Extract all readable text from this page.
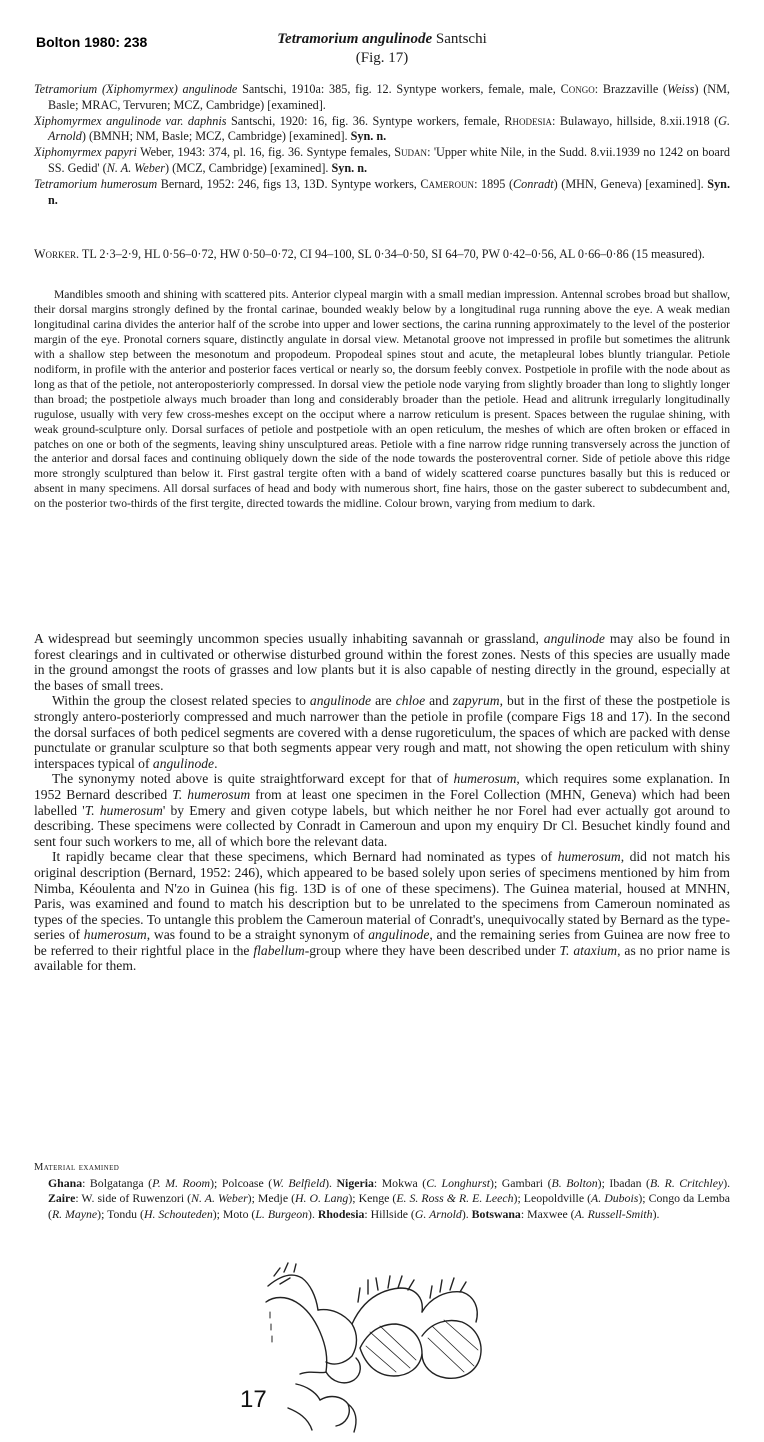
Bolton 1980: 238	Tetramorium angulinode Santschi
(Fig. 17)

Tetramorium (Xiphomyrmex) angulinode Santschi, 1910a: 385, fig. 12. Syntype workers, female, male, Congo: Brazzaville (Weiss) (NM, Basle; MRAC, Tervuren; MCZ, Cambridge) [examined].

Xiphomyrmex angulinode var. daphnis Santschi, 1920: 16, fig. 36. Syntype workers, female, Rhodesia: Bulawayo, hillside, 8.xii.1918 (G. Arnold) (BMNH; NM, Basle; MCZ, Cambridge) [examined]. Syn. n.

Xiphomyrmex papyri Weber, 1943: 374, pl. 16, fig. 36. Syntype females, Sudan: 'Upper white Nile, in the Sudd. 8.vii.1939 no 1242 on board SS. Gedid' (N. A. Weber) (MCZ, Cambridge) [examined]. Syn. n.

Tetramorium humerosum Bernard, 1952: 246, figs 13, 13D. Syntype workers, Cameroun: 1895 (Conradt) (MHN, Geneva) [examined]. Syn. n.

Worker. TL 2·3–2·9, HL 0·56–0·72, HW 0·50–0·72, CI 94–100, SL 0·34–0·50, SI 64–70, PW 0·42–0·56, AL 0·66–0·86 (15 measured).

Mandibles smooth and shining with scattered pits. Anterior clypeal margin with a small median impression. Antennal scrobes broad but shallow, their dorsal margins strongly defined by the frontal carinae, bounded weakly below by a longitudinal ruga running above the eye. A weak median longitudinal carina divides the anterior half of the scrobe into upper and lower sections, the carina running approximately to the level of the posterior margin of the eye. Pronotal corners square, distinctly angulate in dorsal view. Metanotal groove not impressed in profile but sometimes the alitrunk with a shallow step between the mesonotum and propodeum. Propodeal spines stout and acute, the metapleural lobes bluntly triangular. Petiole nodiform, in profile with the anterior and posterior faces vertical or nearly so, the dorsum feebly convex. Postpetiole in profile with the node about as long as that of the petiole, not anteroposteriorly compressed. In dorsal view the petiole node varying from slightly broader than long to slightly longer than broad; the postpetiole always much broader than long and considerably broader than the petiole. Head and alitrunk irregularly longitudinally rugulose, usually with very few cross-meshes except on the occiput where a narrow reticulum is present. Spaces between the rugulae shining, with weak ground-sculpture only. Dorsal surfaces of petiole and postpetiole with an open reticulum, the meshes of which are often broken or effaced in patches on one or both of the segments, leaving shiny unsculptured areas. Petiole with a fine narrow ridge running transversely across the junction of the anterior and dorsal faces and continuing obliquely down the side of the node towards the posteroventral corner. Side of petiole above this ridge more strongly sculptured than below it. First gastral tergite often with a band of widely scattered coarse punctures basally but this is reduced or absent in many specimens. All dorsal surfaces of head and body with numerous short, fine hairs, those on the gaster suberect to subdecumbent and, on the posterior two-thirds of the first tergite, directed towards the midline. Colour brown, varying from medium to dark.

A widespread but seemingly uncommon species usually inhabiting savannah or grassland, angulinode may also be found in forest clearings and in cultivated or otherwise disturbed ground within the forest zones. Nests of this species are usually made in the ground amongst the roots of grasses and low plants but it is also capable of nesting directly in the ground, especially at the bases of small trees.

Within the group the closest related species to angulinode are chloe and zapyrum, but in the first of these the postpetiole is strongly antero-posteriorly compressed and much narrower than the petiole in profile (compare Figs 18 and 17). In the second the dorsal surfaces of both pedicel segments are covered with a dense rugoreticulum, the spaces of which are packed with dense punctulate or granular sculpture so that both segments appear very rough and matt, not showing the open reticulum with shiny interspaces typical of angulinode.

The synonymy noted above is quite straightforward except for that of humerosum, which requires some explanation. In 1952 Bernard described T. humerosum from at least one specimen in the Forel Collection (MHN, Geneva) which had been labelled 'T. humerosum' by Emery and given cotype labels, but which neither he nor Forel had ever actually got around to describing. These specimens were collected by Conradt in Cameroun and upon my enquiry Dr Cl. Besuchet kindly found and sent four such workers to me, all of which bore the relevant data.

It rapidly became clear that these specimens, which Bernard had nominated as types of humerosum, did not match his original description (Bernard, 1952: 246), which appeared to be based solely upon series of specimens mentioned by him from Nimba, Kéoulenta and N'zo in Guinea (his fig. 13D is of one of these specimens). The Guinea material, housed at MNHN, Paris, was examined and found to match his description but to be unrelated to the specimens from Cameroun nominated as types of the species. To untangle this problem the Cameroun material of Conradt's, unequivocally stated by Bernard as the type-series of humerosum, was found to be a straight synonym of angulinode, and the remaining series from Guinea are now free to be referred to their rightful place in the flabellum-group where they have been described under T. ataxium, as no prior name is available for them.

Material examined

Ghana: Bolgatanga (P. M. Room); Polcoase (W. Belfield). Nigeria: Mokwa (C. Longhurst); Gambari (B. Bolton); Ibadan (B. R. Critchley). Zaire: W. side of Ruwenzori (N. A. Weber); Medje (H. O. Lang); Kenge (E. S. Ross & R. E. Leech); Leopoldville (A. Dubois); Congo da Lemba (R. Mayne); Tondu (H. Schouteden); Moto (L. Burgeon). Rhodesia: Hillside (G. Arnold). Botswana: Maxwee (A. Russell-Smith).

17
